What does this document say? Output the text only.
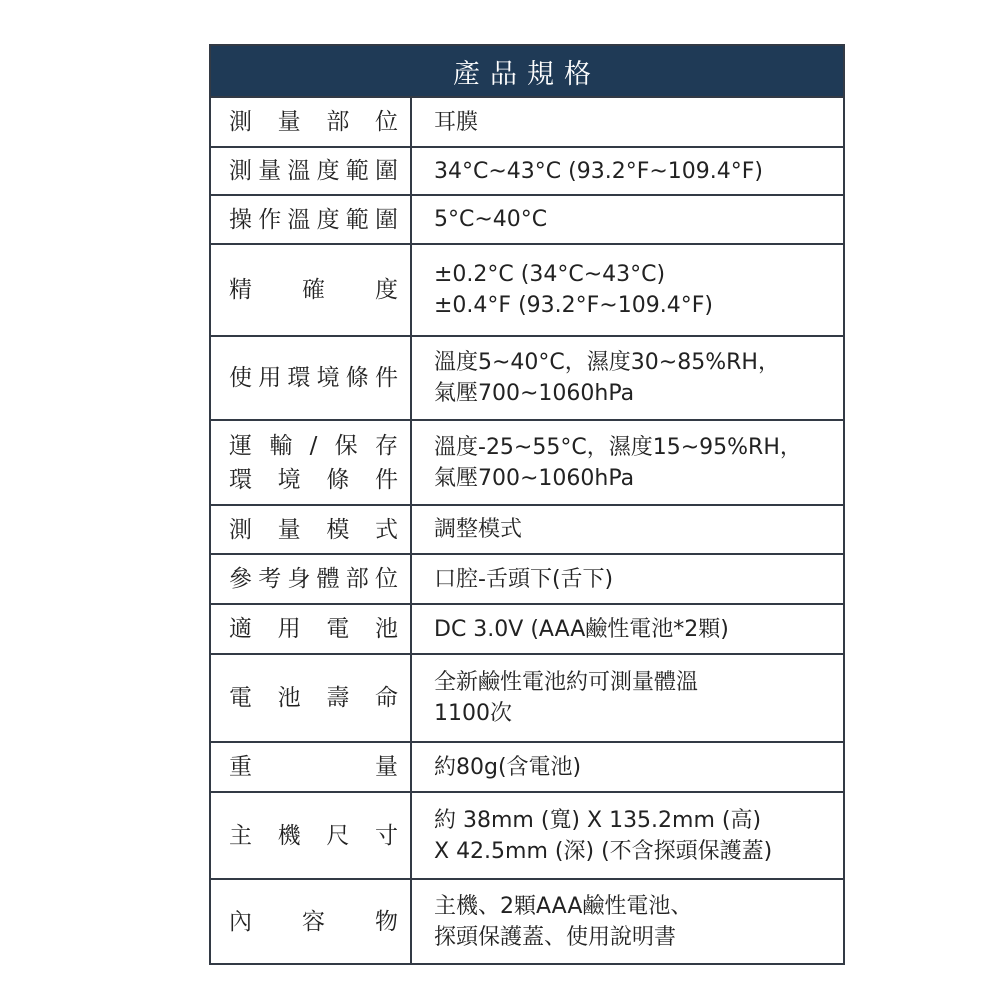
產品規格
測量部位 耳膜
測量溫度範圍 34°C~43°C (93.2°F~109.4°F)
操作溫度範圍 5°C~40°C
精確度
±0.2°C (34°C~43°C)
±0.4°F (93.2°F~109.4°F)
使用環境條件
溫度5~40°C，濕度30~85%RH，
氣壓700~1060hPa
運輸/保存
環境條件
溫度-25~55°C，濕度15~95%RH，
氣壓700~1060hPa
測量模式 調整模式
參考身體部位 口腔-舌頭下(舌下)
適用電池 DC 3.0V (AAA鹼性電池*2顆)
電池壽命
全新鹼性電池約可測量體溫
1100次
重量 約80g(含電池)
主機尺寸
約 38mm (寬) X 135.2mm (高)
X 42.5mm (深) (不含探頭保護蓋)
內容物
主機、2顆AAA鹼性電池、
探頭保護蓋、使用說明書
